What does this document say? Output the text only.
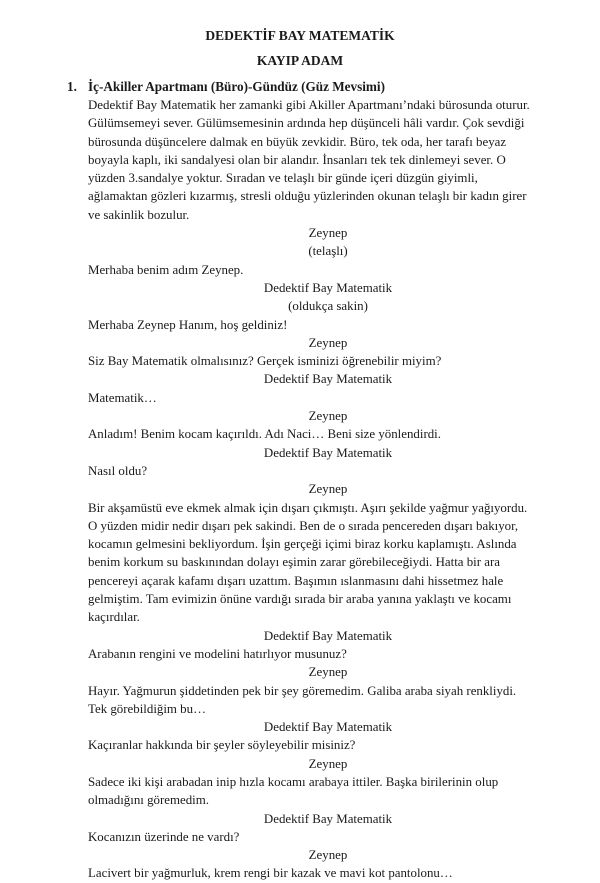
DEDEKTİF BAY MATEMATİK
KAYIP ADAM
1. İç-Akiller Apartmanı (Büro)-Gündüz (Güz Mevsimi)

Dedektif Bay Matematik her zamanki gibi Akiller Apartmanı’ndaki bürosunda oturur.

Gülümsemeyi sever. Gülümsemesinin ardında hep düşünceli hâli vardır. Çok sevdiği

bürosunda düşüncelere dalmak en büyük zevkidir. Büro, tek oda, her tarafı beyaz

boyayla kaplı, iki sandalyesi olan bir alandır. İnsanları tek tek dinlemeyi sever. O

yüzden 3.sandalye yoktur. Sıradan ve telaşlı bir günde içeri düzgün giyimli,

ağlamaktan gözleri kızarmış, stresli olduğu yüzlerinden okunan telaşlı bir kadın girer

ve sakinlik bozulur.

Zeynep

(telaşlı)

Merhaba benim adım Zeynep.

Dedektif Bay Matematik

(oldukça sakin)

Merhaba Zeynep Hanım, hoş geldiniz!

Zeynep

Siz Bay Matematik olmalısınız? Gerçek isminizi öğrenebilir miyim?

Dedektif Bay Matematik

Matematik…

Zeynep

Anladım! Benim kocam kaçırıldı. Adı Naci… Beni size yönlendirdi.

Dedektif Bay Matematik

Nasıl oldu?

Zeynep

Bir akşamüstü eve ekmek almak için dışarı çıkmıştı. Aşırı şekilde yağmur yağıyordu.

O yüzden midir nedir dışarı pek sakindi. Ben de o sırada pencereden dışarı bakıyor,

kocamın gelmesini bekliyordum. İşin gerçeği içimi biraz korku kaplamıştı. Aslında

benim korkum su baskınından dolayı eşimin zarar görebileceğiydi. Hatta bir ara

pencereyi açarak kafamı dışarı uzattım. Başımın ıslanmasını dahi hissetmez hale

gelmiştim. Tam evimizin önüne vardığı sırada bir araba yanına yaklaştı ve kocamı

kaçırdılar.

Dedektif Bay Matematik

Arabanın rengini ve modelini hatırlıyor musunuz?

Zeynep

Hayır. Yağmurun şiddetinden pek bir şey göremedim. Galiba araba siyah renkliydi.

Tek görebildiğim bu…

Dedektif Bay Matematik

Kaçıranlar hakkında bir şeyler söyleyebilir misiniz?

Zeynep

Sadece iki kişi arabadan inip hızla kocamı arabaya ittiler. Başka birilerinin olup

olmadığını göremedim.

Dedektif Bay Matematik

Kocanızın üzerinde ne vardı?

Zeynep

Lacivert bir yağmurluk, krem rengi bir kazak ve mavi kot pantolonu…
